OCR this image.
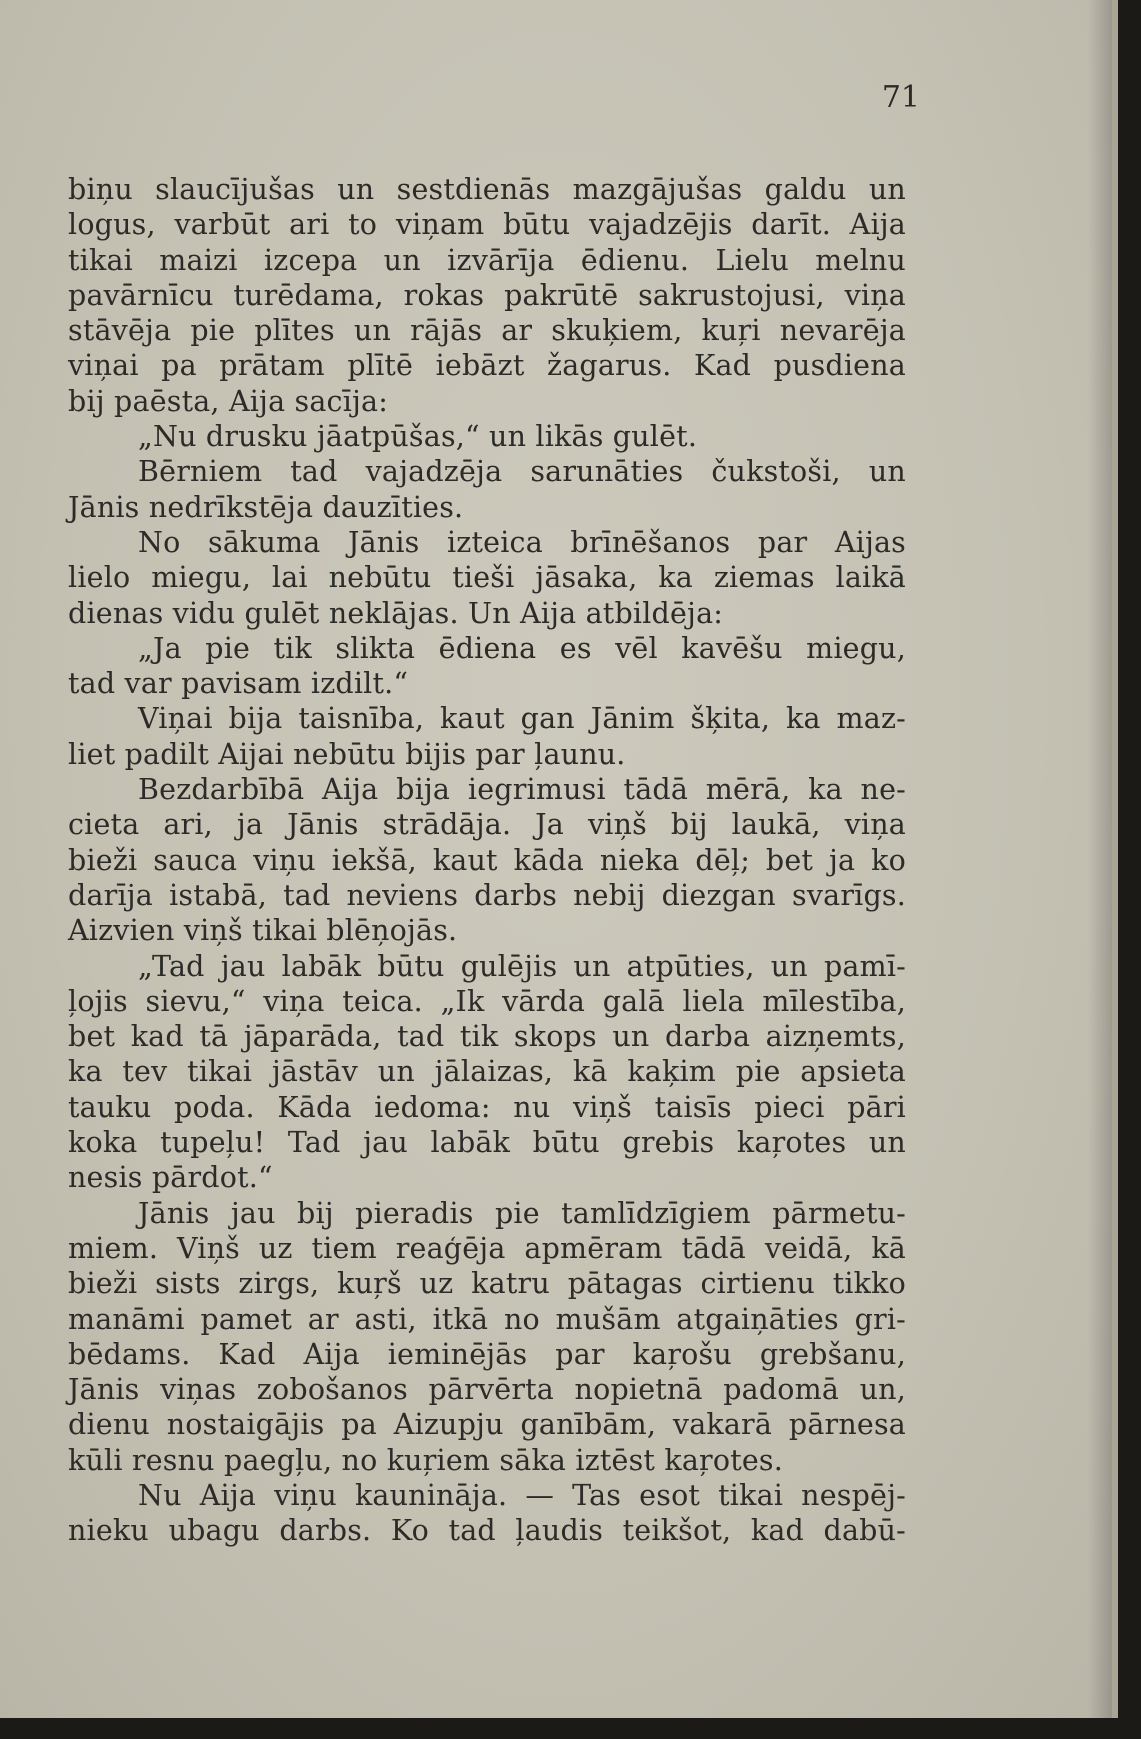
71
biņu slaucījušas un sestdienās mazgājušas galdu un
logus, varbūt ari to viņam būtu vajadzējis darīt. Aija
tikai maizi izcepa un izvārīja ēdienu. Lielu melnu
pavārnīcu turēdama, rokas pakrūtē sakrustojusi, viņa
stāvēja pie plītes un rājās ar skuķiem, kuŗi nevarēja
viņai pa prātam plītē iebāzt žagarus. Kad pusdiena
bij paēsta, Aija sacīja:
„Nu drusku jāatpūšas,“ un likās gulēt.
Bērniem tad vajadzēja sarunāties čukstoši, un
Jānis nedrīkstēja dauzīties.
No sākuma Jānis izteica brīnēšanos par Aijas
lielo miegu, lai nebūtu tieši jāsaka, ka ziemas laikā
dienas vidu gulēt neklājas. Un Aija atbildēja:
„Ja pie tik slikta ēdiena es vēl kavēšu miegu,
tad var pavisam izdilt.“
Viņai bija taisnība, kaut gan Jānim šķita, ka maz-
liet padilt Aijai nebūtu bijis par ļaunu.
Bezdarbībā Aija bija iegrimusi tādā mērā, ka ne-
cieta ari, ja Jānis strādāja. Ja viņš bij laukā, viņa
bieži sauca viņu iekšā, kaut kāda nieka dēļ; bet ja ko
darīja istabā, tad neviens darbs nebij diezgan svarīgs.
Aizvien viņš tikai blēņojās.
„Tad jau labāk būtu gulējis un atpūties, un pamī-
ļojis sievu,“ viņa teica. „Ik vārda galā liela mīlestība,
bet kad tā jāparāda, tad tik skops un darba aizņemts,
ka tev tikai jāstāv un jālaizas, kā kaķim pie apsieta
tauku poda. Kāda iedoma: nu viņš taisīs pieci pāri
koka tupeļu! Tad jau labāk būtu grebis kaŗotes un
nesis pārdot.“
Jānis jau bij pieradis pie tamlīdzīgiem pārmetu-
miem. Viņš uz tiem reaģēja apmēram tādā veidā, kā
bieži sists zirgs, kuŗš uz katru pātagas cirtienu tikko
manāmi pamet ar asti, itkā no mušām atgaiņāties gri-
bēdams. Kad Aija ieminējās par kaŗošu grebšanu,
Jānis viņas zobošanos pārvērta nopietnā padomā un,
dienu nostaigājis pa Aizupju ganībām, vakarā pārnesa
kūli resnu paegļu, no kuŗiem sāka iztēst kaŗotes.
Nu Aija viņu kaunināja. — Tas esot tikai nespēj-
nieku ubagu darbs. Ko tad ļaudis teikšot, kad dabū-
